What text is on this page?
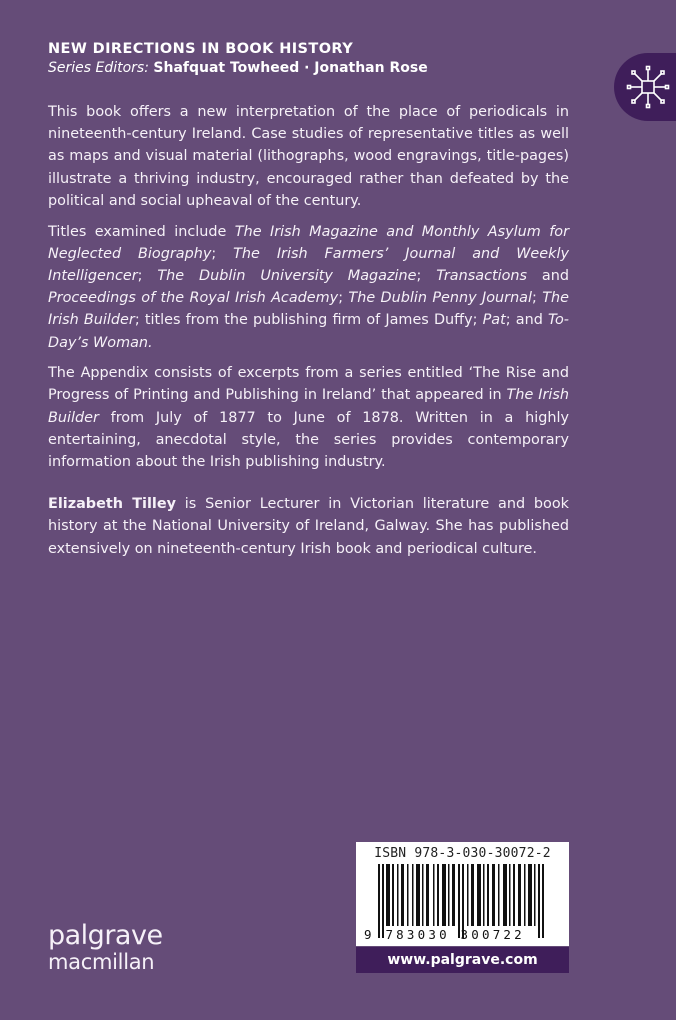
NEW DIRECTIONS IN BOOK HISTORY
Series Editors: Shafquat Towheed · Jonathan Rose

This book offers a new interpretation of the place of periodicals in nineteenth-century Ireland. Case studies of representative titles as well as maps and visual material (lithographs, wood engravings, title-pages) illustrate a thriving industry, encouraged rather than defeated by the political and social upheaval of the century.

Titles examined include The Irish Magazine and Monthly Asylum for Neglected Biography; The Irish Farmers’ Journal and Weekly Intelligencer; The Dublin University Magazine; Transactions and Proceedings of the Royal Irish Academy; The Dublin Penny Journal; The Irish Builder; titles from the publishing firm of James Duffy; Pat; and To-Day’s Woman.

The Appendix consists of excerpts from a series entitled ‘The Rise and Progress of Printing and Publishing in Ireland’ that appeared in The Irish Builder from July of 1877 to June of 1878. Written in a highly entertaining, anecdotal style, the series provides contemporary information about the Irish publishing industry.

Elizabeth Tilley is Senior Lecturer in Victorian literature and book history at the National University of Ireland, Galway. She has published extensively on nineteenth-century Irish book and periodical culture.

palgrave
macmillan
ISBN 978-3-030-30072-2
9 783030 300722
www.palgrave.com
